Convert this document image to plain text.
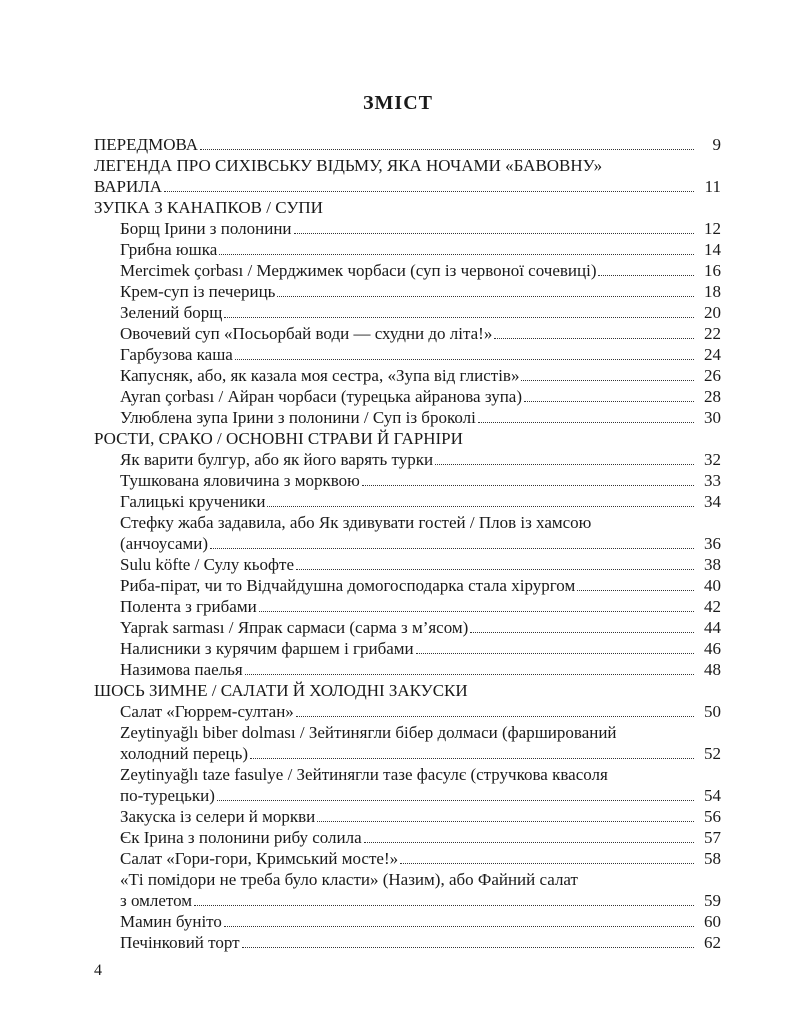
ЗМІСТ
ПЕРЕДМОВА	9
ЛЕГЕНДА ПРО СИХІВСЬКУ ВІДЬМУ, ЯКА НОЧАМИ «БАВОВНУ»
ВАРИЛА	11
ЗУПКА З КАНАПКОВ / СУПИ
Борщ Ірини з полонини	12
Грибна юшка	14
Mercimek çorbası / Мерджимек чорбаси (суп із червоної сочевиці)	16
Крем-суп із печериць	18
Зелений борщ	20
Овочевий суп «Посьорбай води — схудни до літа!»	22
Гарбузова каша	24
Капусняк, або, як казала моя сестра, «Зупа від глистів»	26
Ayran çorbası / Айран чорбаси (турецька айранова зупа)	28
Улюблена зупа Ірини з полонини / Суп із броколі	30
РОСТИ, СРАКО / ОСНОВНІ СТРАВИ Й ГАРНІРИ
Як варити булгур, або як його варять турки	32
Тушкована яловичина з морквою	33
Галицькі крученики	34
Стефку жаба задавила, або Як здивувати гостей / Плов із хамсою
(анчоусами)	36
Sulu köfte / Сулу кьофте	38
Риба-пірат, чи то Відчайдушна домогосподарка стала хірургом	40
Полента з грибами	42
Yaprak sarması / Япрак сармаси (сарма з м’ясом)	44
Налисники з курячим фаршем і грибами	46
Назимова паелья	48
ШОСЬ ЗИМНЕ / САЛАТИ Й ХОЛОДНІ ЗАКУСКИ
Салат «Гюррем-султан»	50
Zeytinyağlı biber dolması / Зейтинягли бібер долмаси (фарширований
холодний перець)	52
Zeytinyağlı taze fasulye / Зейтинягли тазе фасулє (стручкова квасоля
по-турецьки)	54
Закуска із селери й моркви	56
Єк Ірина з полонини рибу солила	57
Салат «Гори-гори, Кримський мосте!»	58
«Ті помідори не треба було класти» (Назим), або Файний салат
з омлетом	59
Мамин буніто	60
Печінковий торт	62
4
